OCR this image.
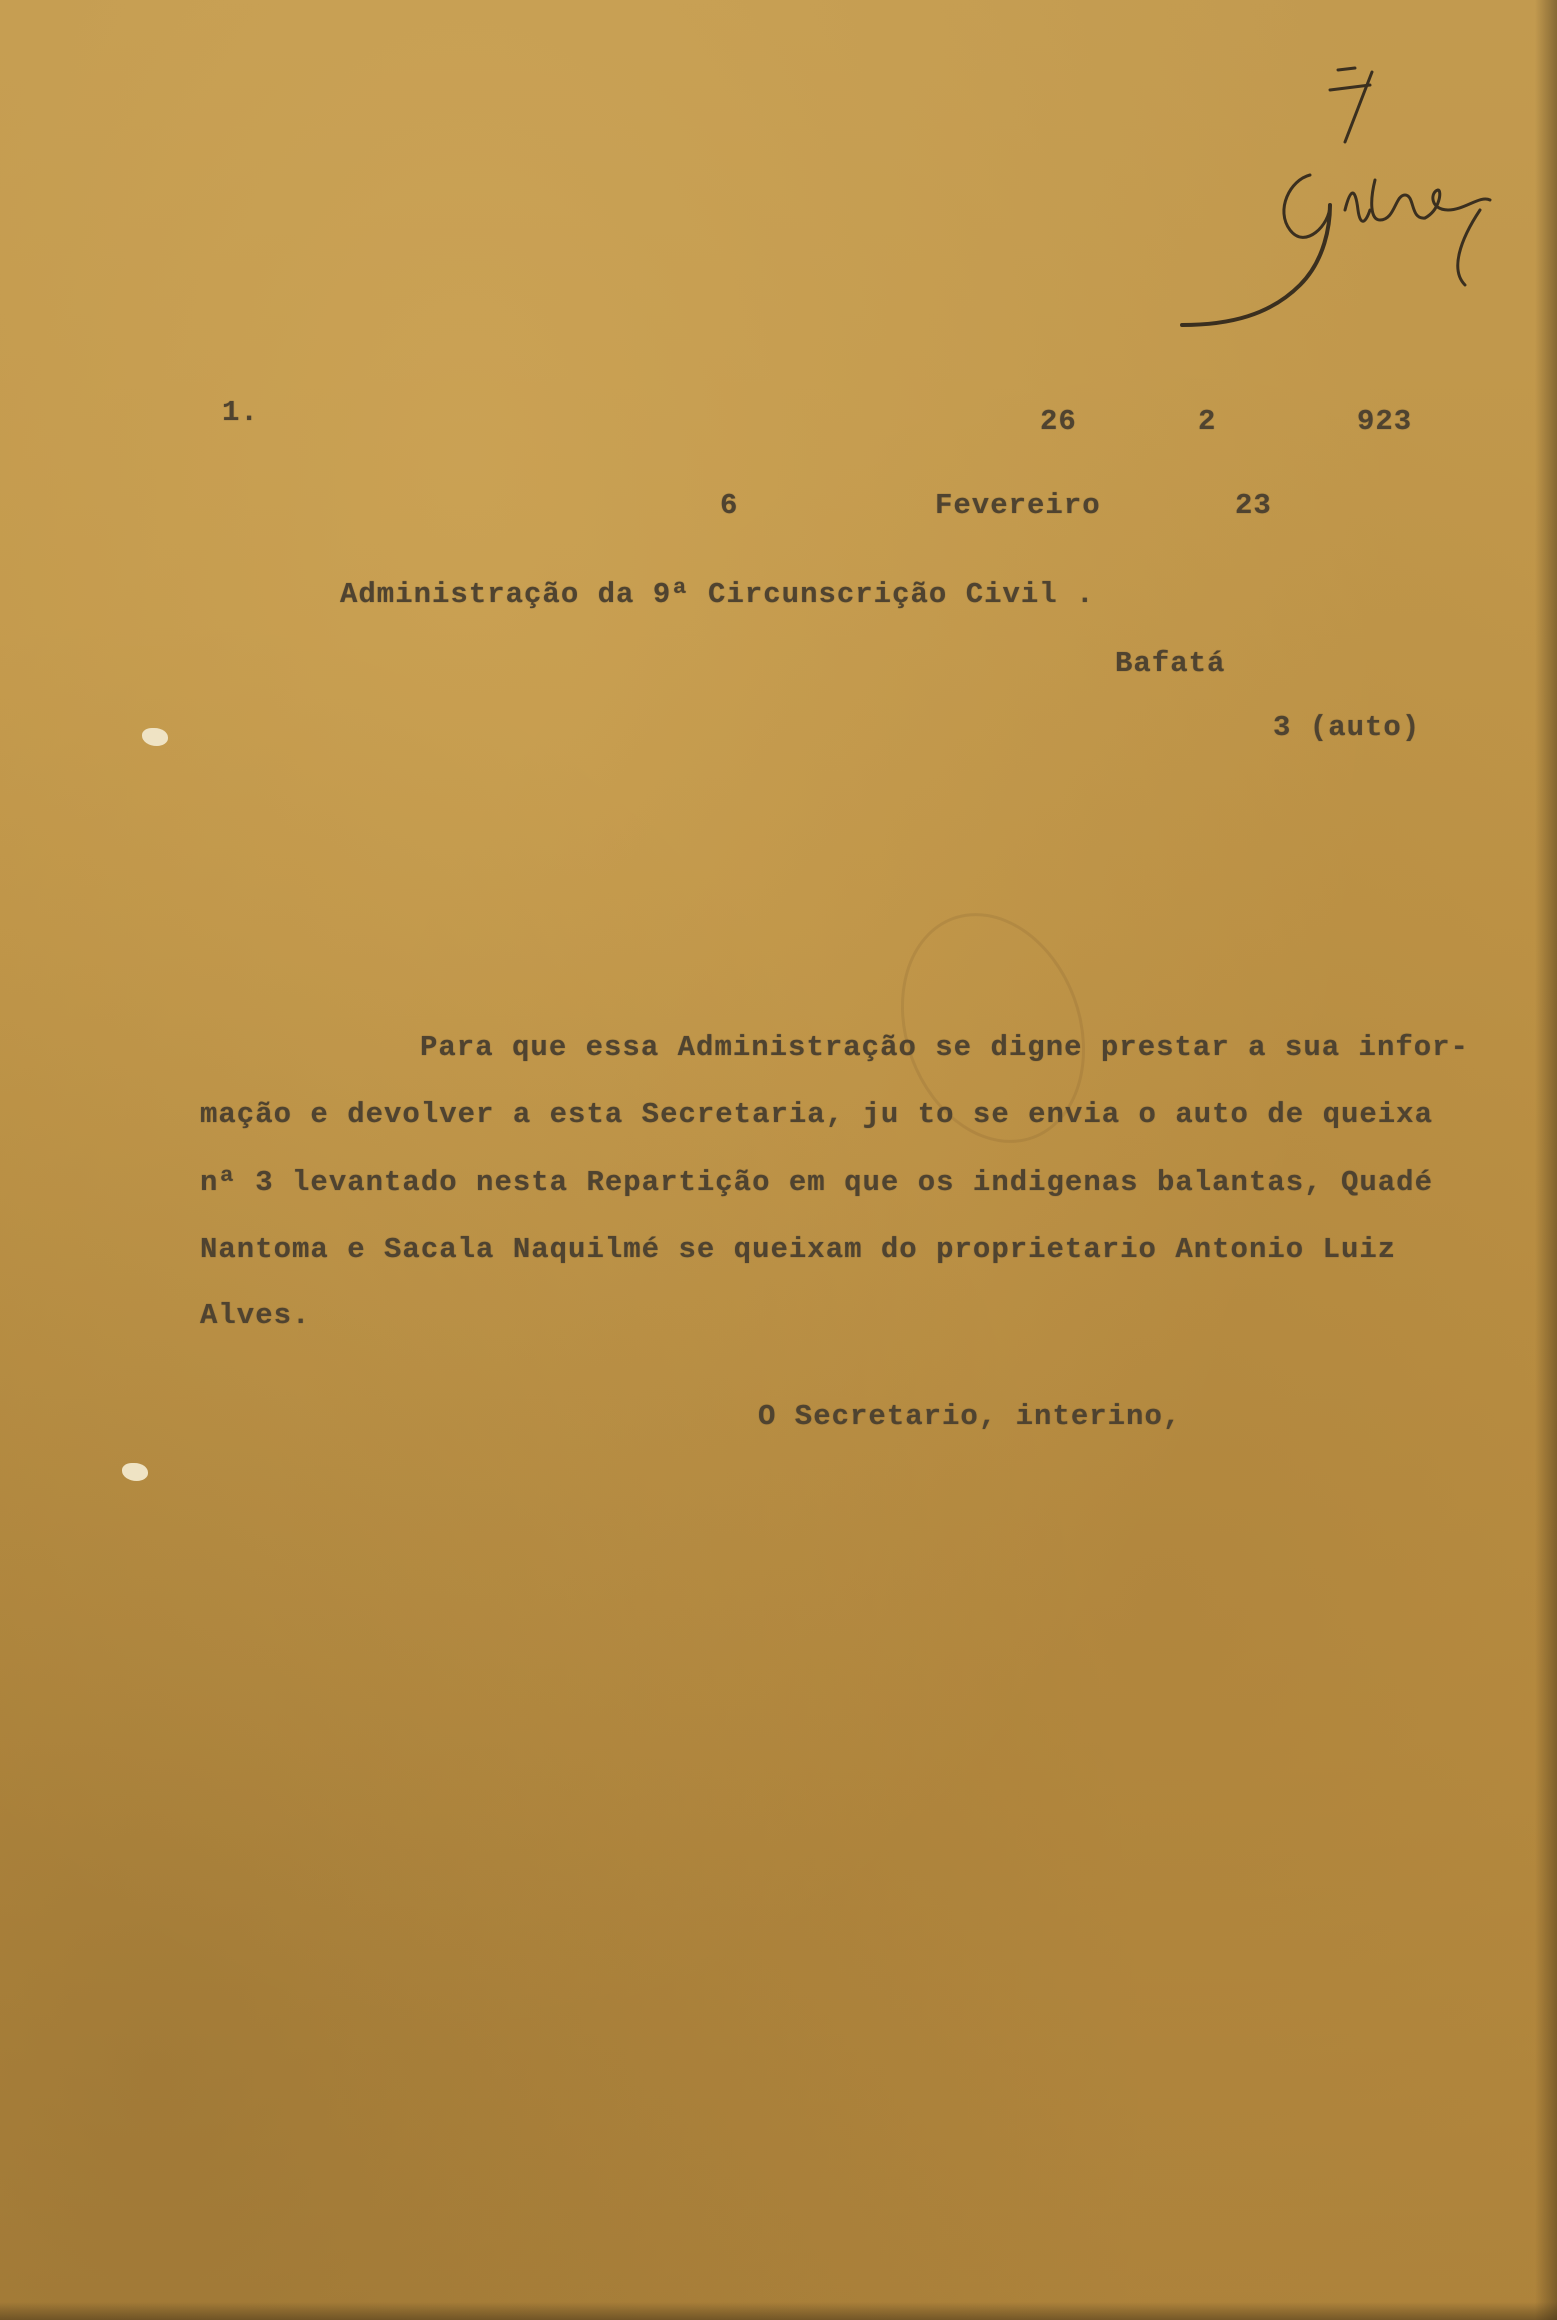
1.	26	2	923
6	Fevereiro	23
Administração da 9ª Circunscrição Civil .
Bafatá
3 (auto)
Para que essa Administração se digne prestar a sua infor-
mação e devolver a esta Secretaria, ju to se envia o auto de queixa
nª 3 levantado nesta Repartição em que os indigenas balantas, Quadé
Nantoma e Sacala Naquilmé se queixam do proprietario Antonio Luiz
Alves.
O Secretario, interino,
